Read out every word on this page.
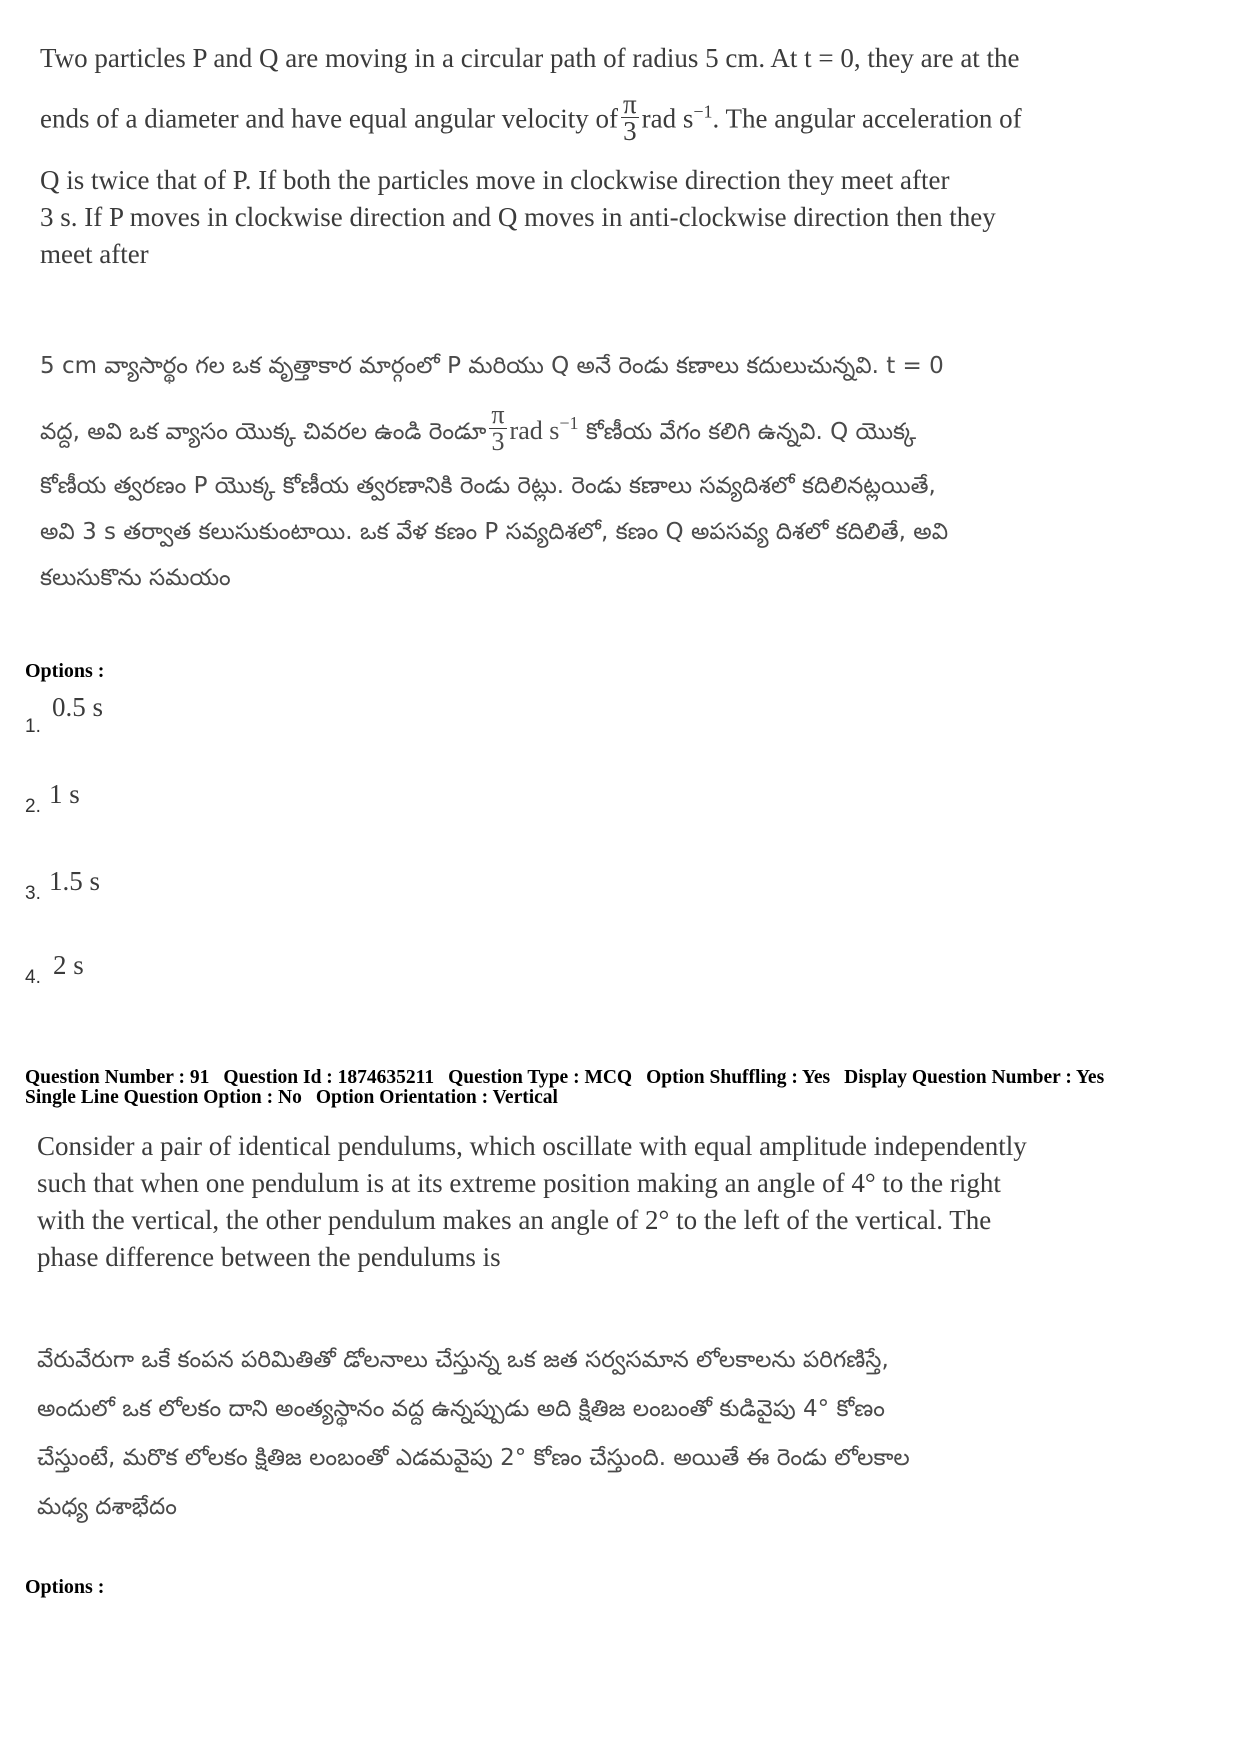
Two particles P and Q are moving in a circular path of radius 5 cm. At t = 0, they are at the

ends of a diameter and have equal angular velocity of $\frac{\pi}{3}$ rad $s^{-1}$. The angular acceleration of

Q is twice that of P. If both the particles move in clockwise direction they meet after

3 s. If P moves in clockwise direction and Q moves in anti-clockwise direction then they

meet after

5 cm వ్యాసార్థం గల ఒక వృత్తాకార మార్గంలో P మరియు Q అనే రెండు కణాలు కదులుచున్నవి. t = 0

వద్ద, అవి ఒక వ్యాసం యొక్క చివరల ఉండి రెండూ $\frac{\pi}{3}$ rad $s^{-1}$ కోణీయ వేగం కలిగి ఉన్నవి. Q యొక్క

కోణీయ త్వరణం P యొక్క కోణీయ త్వరణానికి రెండు రెట్లు. రెండు కణాలు సవ్యదిశలో కదిలినట్లయితే,

అవి 3 s తర్వాత కలుసుకుంటాయి. ఒక వేళ కణం P సవ్యదిశలో, కణం Q అపసవ్య దిశలో కదిలితే, అవి

కలుసుకొను సమయం

Options :
1.
0.5 s
2. 1 s
3. 1.5 s
4. 2 s
Question Number : 91 Question Id : 1874635211 Question Type : MCQ Option Shuffling : Yes Display Question Number : Yes
Single Line Question Option : No Option Orientation : Vertical

Consider a pair of identical pendulums, which oscillate with equal amplitude independently

such that when one pendulum is at its extreme position making an angle of 4° to the right

with the vertical, the other pendulum makes an angle of 2° to the left of the vertical. The

phase difference between the pendulums is

వేరువేరుగా ఒకే కంపన పరిమితితో డోలనాలు చేస్తున్న ఒక జత సర్వసమాన లోలకాలను పరిగణిస్తే,

అందులో ఒక లోలకం దాని అంత్యస్థానం వద్ద ఉన్నప్పుడు అది క్షితిజ లంబంతో కుడివైపు 4° కోణం

చేస్తుంటే, మరొక లోలకం క్షితిజ లంబంతో ఎడమవైపు 2° కోణం చేస్తుంది. అయితే ఈ రెండు లోలకాల

మధ్య దశాభేదం

Options :
